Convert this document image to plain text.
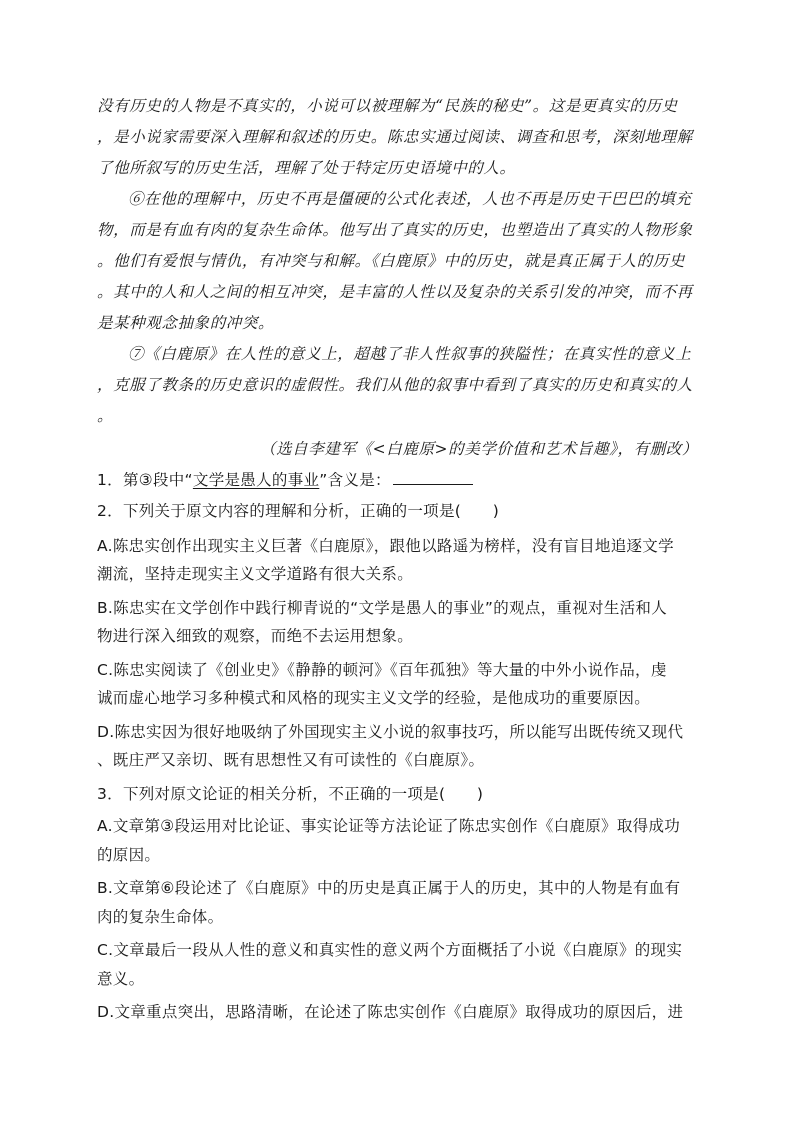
没有历史的人物是不真实的，小说可以被理解为“民族的秘史”。这是更真实的历史
，是小说家需要深入理解和叙述的历史。陈忠实通过阅读、调查和思考，深刻地理解
了他所叙写的历史生活，理解了处于特定历史语境中的人。
⑥在他的理解中，历史不再是僵硬的公式化表述，人也不再是历史干巴巴的填充
物，而是有血有肉的复杂生命体。他写出了真实的历史，也塑造出了真实的人物形象
。他们有爱恨与情仇，有冲突与和解。《白鹿原》中的历史，就是真正属于人的历史
。其中的人和人之间的相互冲突，是丰富的人性以及复杂的关系引发的冲突，而不再
是某种观念抽象的冲突。
⑦《白鹿原》在人性的意义上，超越了非人性叙事的狭隘性；在真实性的意义上
，克服了教条的历史意识的虚假性。我们从他的叙事中看到了真实的历史和真实的人
。
（选自李建军《<白鹿原>的美学价值和艺术旨趣》，有删改）
1．第③段中“文学是愚人的事业”含义是：
2．下列关于原文内容的理解和分析，正确的一项是(　　)
A.陈忠实创作出现实主义巨著《白鹿原》，跟他以路遥为榜样，没有盲目地追逐文学
潮流，坚持走现实主义文学道路有很大关系。
B.陈忠实在文学创作中践行柳青说的“文学是愚人的事业”的观点，重视对生活和人
物进行深入细致的观察，而绝不去运用想象。
C.陈忠实阅读了《创业史》《静静的顿河》《百年孤独》等大量的中外小说作品，虔
诚而虚心地学习多种模式和风格的现实主义文学的经验，是他成功的重要原因。
D.陈忠实因为很好地吸纳了外国现实主义小说的叙事技巧，所以能写出既传统又现代
、既庄严又亲切、既有思想性又有可读性的《白鹿原》。
3．下列对原文论证的相关分析，不正确的一项是(　　)
A.文章第③段运用对比论证、事实论证等方法论证了陈忠实创作《白鹿原》取得成功
的原因。
B.文章第⑥段论述了《白鹿原》中的历史是真正属于人的历史，其中的人物是有血有
肉的复杂生命体。
C.文章最后一段从人性的意义和真实性的意义两个方面概括了小说《白鹿原》的现实
意义。
D.文章重点突出，思路清晰，在论述了陈忠实创作《白鹿原》取得成功的原因后，进
